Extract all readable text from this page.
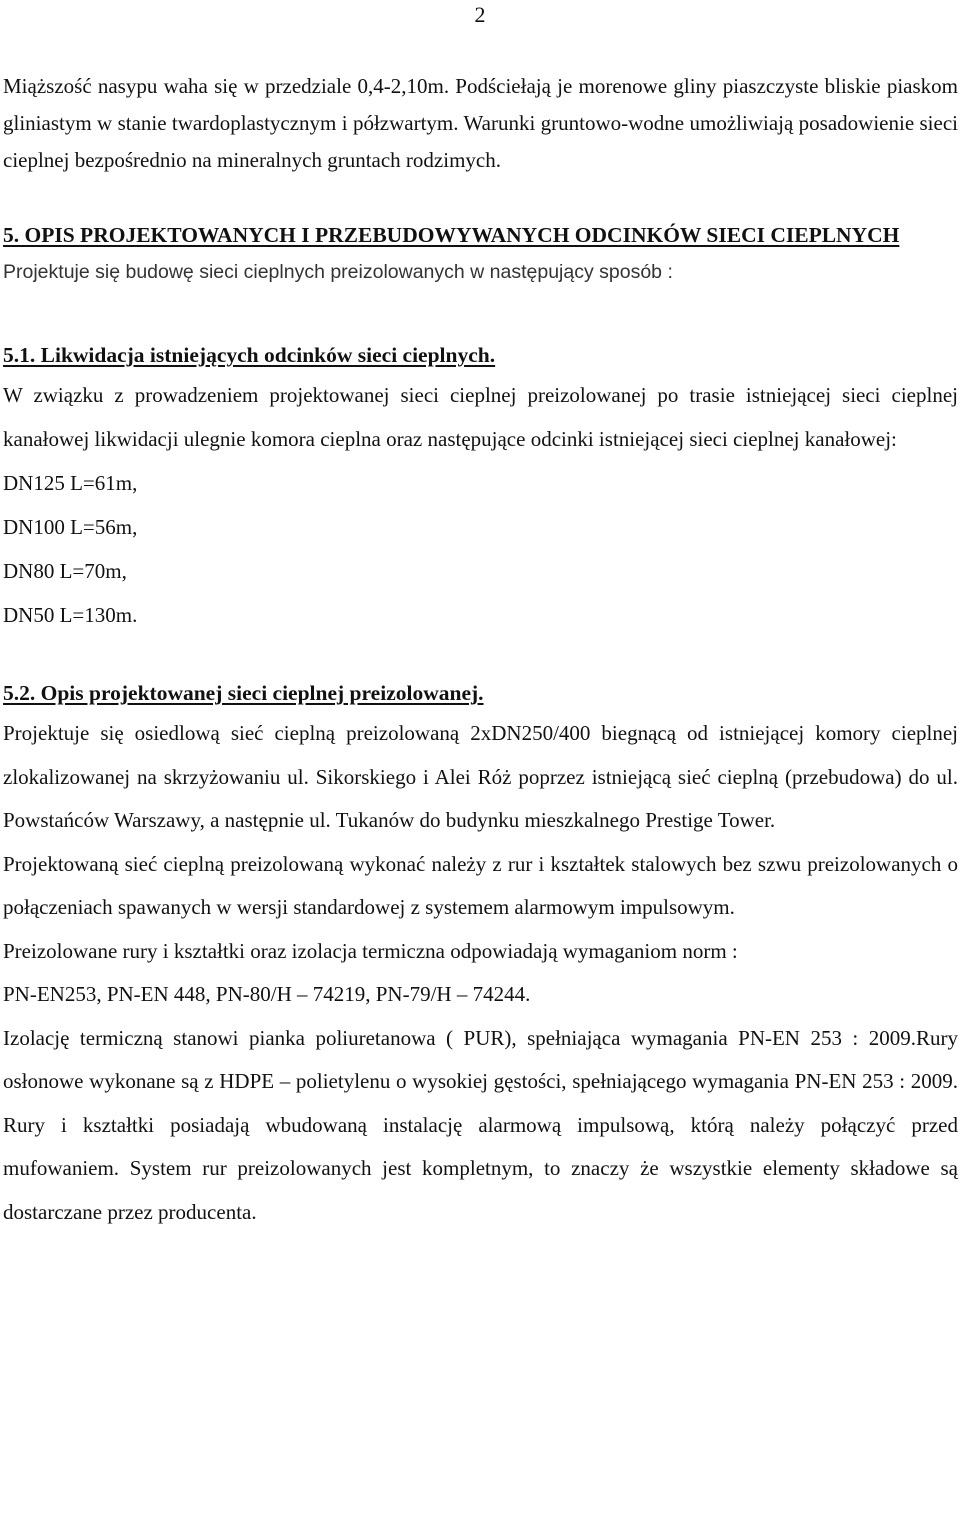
2

Miąższość nasypu waha się w przedziale 0,4-2,10m. Podściełają je morenowe gliny piaszczyste bliskie piaskom gliniastym w stanie twardoplastycznym i półzwartym. Warunki gruntowo-wodne umożliwiają posadowienie sieci cieplnej bezpośrednio na mineralnych gruntach rodzimych.

5. OPIS PROJEKTOWANYCH I PRZEBUDOWYWANYCH ODCINKÓW SIECI CIEPLNYCH

Projektuje się budowę sieci cieplnych preizolowanych w następujący sposób :

5.1. Likwidacja istniejących odcinków sieci cieplnych.

W związku z prowadzeniem projektowanej sieci cieplnej preizolowanej po trasie istniejącej sieci cieplnej kanałowej likwidacji ulegnie komora cieplna oraz następujące odcinki istniejącej sieci cieplnej kanałowej:

DN125 L=61m,
DN100 L=56m,
DN80 L=70m,
DN50 L=130m.
5.2. Opis projektowanej sieci cieplnej preizolowanej.

Projektuje się osiedlową sieć cieplną preizolowaną 2xDN250/400 biegnącą od istniejącej komory cieplnej zlokalizowanej na skrzyżowaniu ul. Sikorskiego i Alei Róż poprzez istniejącą sieć cieplną (przebudowa) do ul. Powstańców Warszawy, a następnie ul. Tukanów do budynku mieszkalnego Prestige Tower.

Projektowaną sieć cieplną preizolowaną wykonać należy z rur i kształtek stalowych bez szwu preizolowanych o połączeniach spawanych w wersji standardowej z systemem alarmowym impulsowym.

Preizolowane rury i kształtki oraz izolacja termiczna odpowiadają wymaganiom norm :

PN-EN253, PN-EN 448, PN-80/H – 74219, PN-79/H – 74244.

Izolację termiczną stanowi pianka poliuretanowa ( PUR), spełniająca wymagania PN-EN 253 : 2009.Rury osłonowe wykonane są z HDPE – polietylenu o wysokiej gęstości, spełniającego wymagania PN-EN 253 : 2009. Rury i kształtki posiadają wbudowaną instalację alarmową impulsową, którą należy połączyć przed mufowaniem. System rur preizolowanych jest kompletnym, to znaczy że wszystkie elementy składowe są dostarczane przez producenta.
